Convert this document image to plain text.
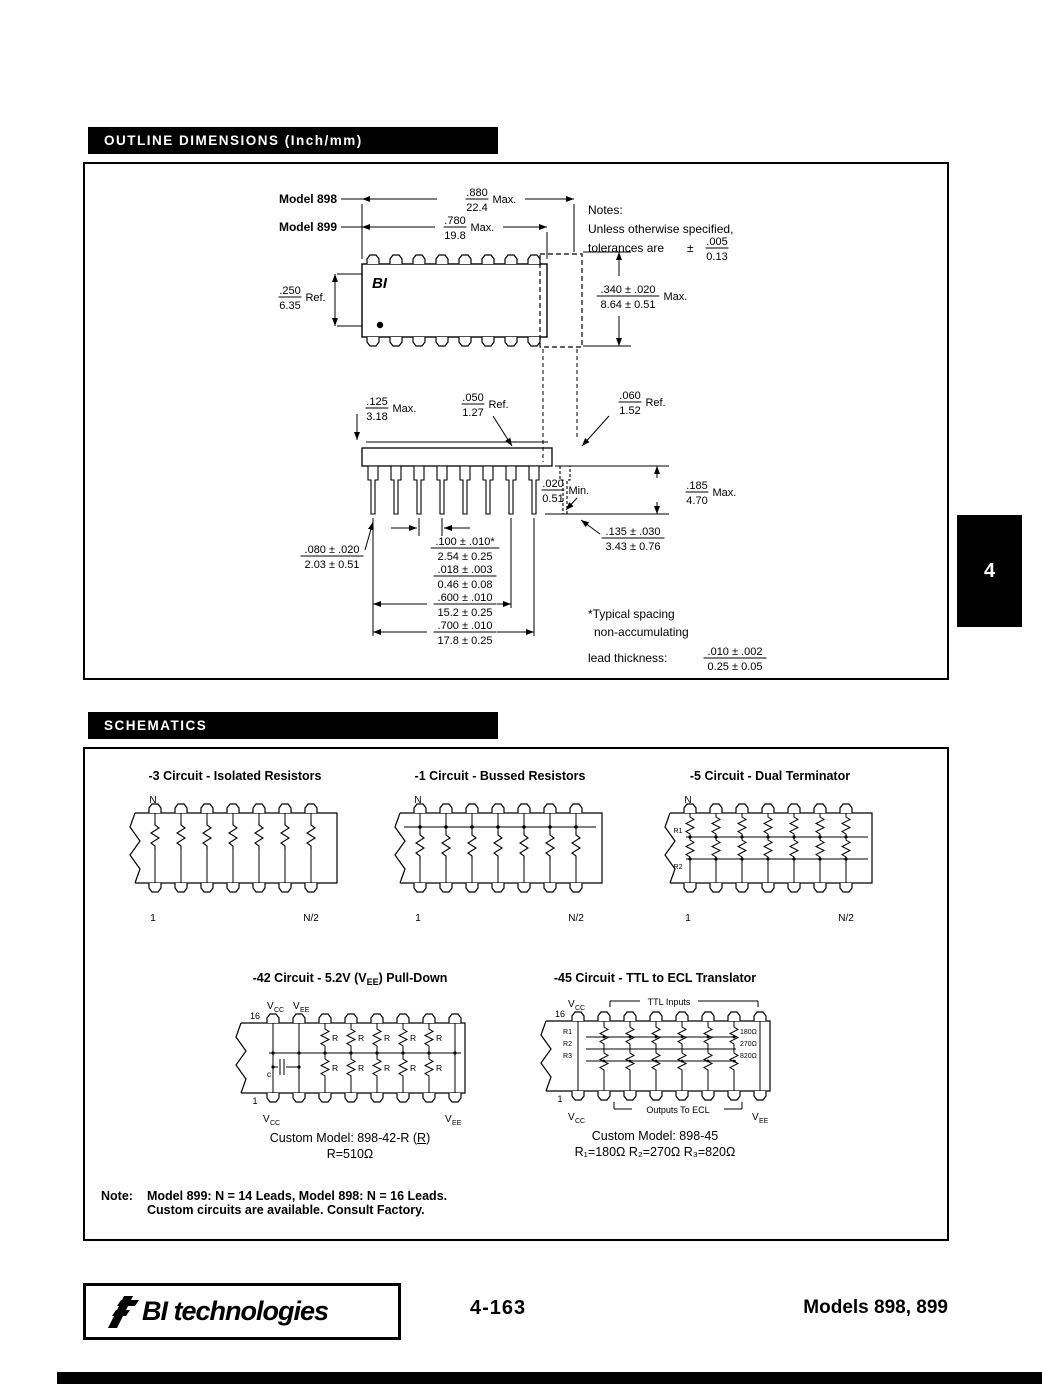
OUTLINE DIMENSIONS (Inch/mm)
BI
.880
22.4
Max.
Model 898
.780
19.8
Max.
Model 899
Notes:
Unless otherwise specified,
tolerances are ± .005
0.13
.250
6.35
Ref.
.340 ± .020
8.64 ± 0.51
Max.
.125
3.18
Max.
.050
1.27
Ref.
.060
1.52
Ref.
.020
0.51
Min.	.185
4.70
Max.
.100 ± .010*
2.54 ± 0.25
.018 ± .003
0.46 ± 0.08
.600 ± .010
15.2 ± 0.25
.700 ± .010
17.8 ± 0.25
.080 ± .020
2.03 ± 0.51
.135 ± .030
3.43 ± 0.76
*Typical spacing
non-accumulating
lead thickness:	.010 ± .002
0.25 ± 0.05
4
SCHEMATICS
-3 Circuit - Isolated Resistors
N
1	N/2
-1 Circuit - Bussed Resistors
N
1	N/2
-5 Circuit - Dual Terminator
R1
R2
N
1	N/2
-42 Circuit - 5.2V $(V_{EE})$ Pull-Down
R R R R R
R R R R R
c
16
1
V CC V EE
V CC	V EE
Custom Model: 898-42-R (R)
R=510Ω
-45 Circuit - TTL to ECL Translator
TTL Inputs
R1
R2
R3
180Ω
270Ω
820Ω
16
1
V CC
Outputs To ECL
V CC	V EE
Custom Model: 898-45
R₁=180Ω R₂=270Ω R₃=820Ω
Note:	Model 899: N = 14 Leads, Model 898: N = 16 Leads.
Custom circuits are available. Consult Factory.
BI technologies	4-163	Models 898, 899
